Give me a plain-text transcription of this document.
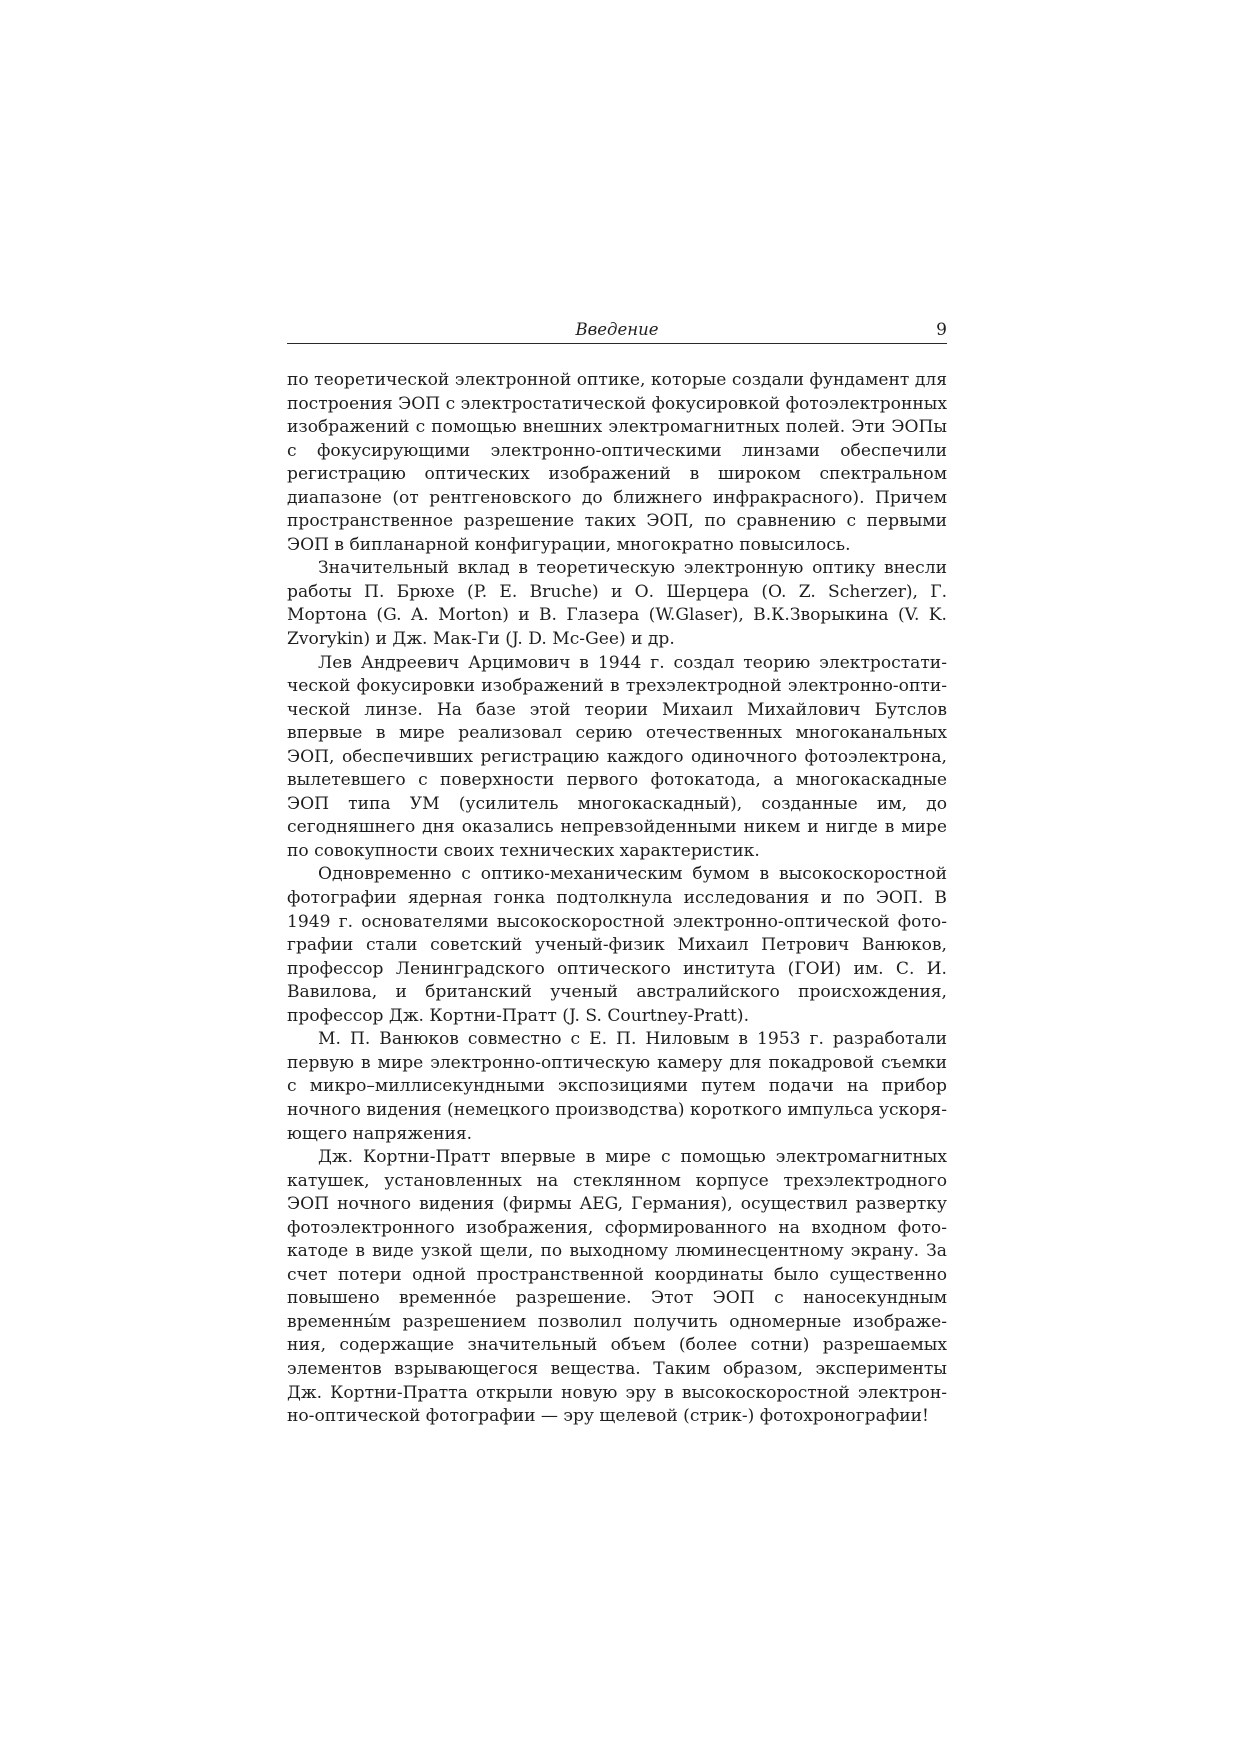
Введение	9

по теоретической электронной оптике, которые создали фундамент для построения ЭОП с электростатической фокусировкой фотоэлектронных изображений с помощью внешних электромагнитных полей. Эти ЭОПы с фокусирующими электронно-оптическими линзами обеспечили регистрацию оптических изображений в широком спектральном диапазоне (от рентгеновского до ближнего инфракрасного). Причем пространственное разрешение таких ЭОП, по сравнению с первыми ЭОП в бипланарной конфигурации, многократно повысилось.

Значительный вклад в теоретическую электронную оптику внесли работы П. Брюхе (P. E. Bruche) и О. Шерцера (O. Z. Scherzer), Г. Мортона (G. A. Morton) и В. Глазера (W.Glaser), В.К.Зворыкина (V. K. Zvorykin) и Дж. Мак-Ги (J. D. Mc-Gee) и др.

Лев Андреевич Арцимович в 1944 г. создал теорию электростатической фокусировки изображений в трехэлектродной электронно-оптической линзе. На базе этой теории Михаил Михайлович Бутслов впервые в мире реализовал серию отечественных многоканальных ЭОП, обеспечивших регистрацию каждого одиночного фотоэлектрона, вылетевшего с поверхности первого фотокатода, а многокаскадные ЭОП типа УМ (усилитель многокаскадный), созданные им, до сегодняшнего дня оказались непревзойденными никем и нигде в мире по совокупности своих технических характеристик.

Одновременно с оптико-механическим бумом в высокоскоростной фотографии ядерная гонка подтолкнула исследования и по ЭОП. В 1949 г. основателями высокоскоростной электронно-оптической фотографии стали советский ученый-физик Михаил Петрович Ванюков, профессор Ленинградского оптического института (ГОИ) им. С. И. Вавилова, и британский ученый австралийского происхождения, профессор Дж. Кортни-Пратт (J. S. Courtney-Pratt).

М. П. Ванюков совместно с Е. П. Ниловым в 1953 г. разработали первую в мире электронно-оптическую камеру для покадровой съемки с микро–миллисекундными экспозициями путем подачи на прибор ночного видения (немецкого производства) короткого импульса ускоряющего напряжения.

Дж. Кортни-Пратт впервые в мире с помощью электромагнитных катушек, установленных на стеклянном корпусе трехэлектродного ЭОП ночного видения (фирмы AEG, Германия), осуществил развертку фотоэлектронного изображения, сформированного на входном фотокатоде в виде узкой щели, по выходному люминесцентному экрану. За счет потери одной пространственной координаты было существенно повышено временно́е разрешение. Этот ЭОП с наносекундным временны́м разрешением позволил получить одномерные изображения, содержащие значительный объем (более сотни) разрешаемых элементов взрывающегося вещества. Таким образом, эксперименты Дж. Кортни-Пратта открыли новую эру в высокоскоростной электронно-оптической фотографии — эру щелевой (стрик-) фотохронографии!
